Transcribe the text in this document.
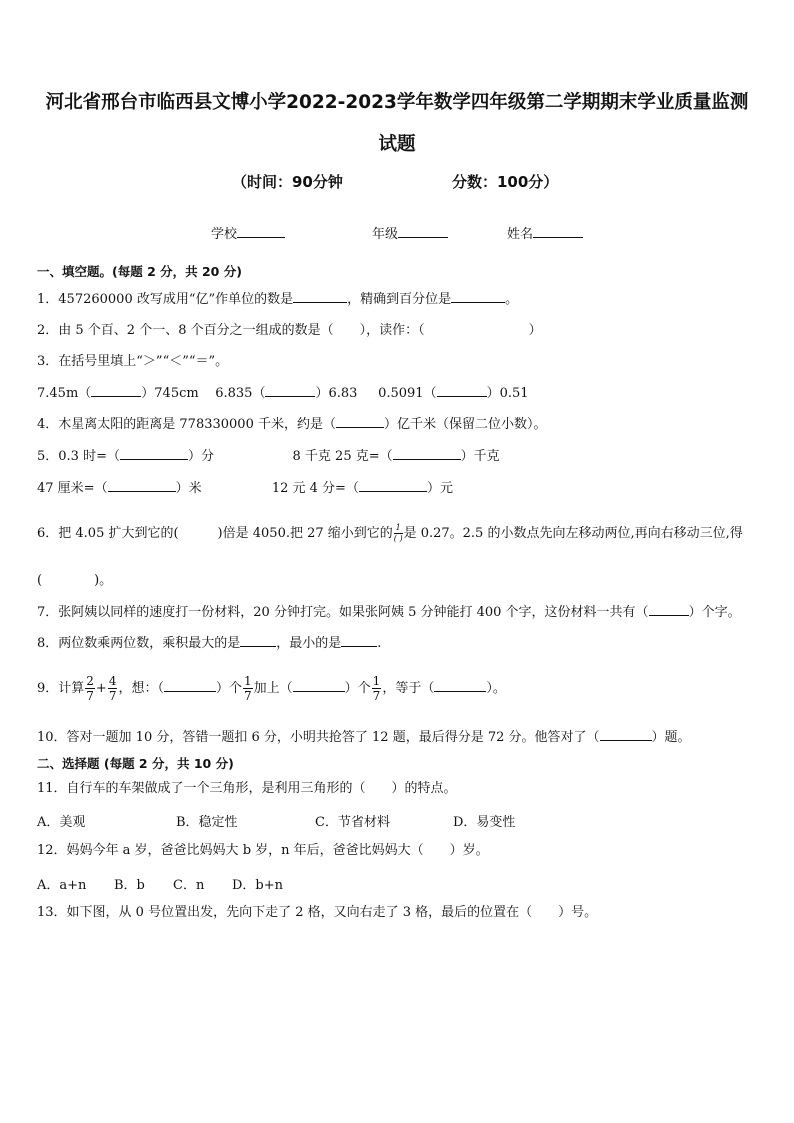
河北省邢台市临西县文博小学2022-2023学年数学四年级第二学期期末学业质量监测
试题
（时间：90分钟	分数：100分）
学校	年级	姓名
一、填空题。(每题 2 分，共 20 分)
1．457260000 改写成用“亿”作单位的数是	，精确到百分位是	。
2．由 5 个百、2 个一、8 个百分之一组成的数是（　　），读作：（　　　　　　　　）
3．在括号里填上“＞”“＜”“＝”。
7.45m（	）745cm 6.835（	）6.83 0.5091（	）0.51
4．木星离太阳的距离是 778330000 千米，约是（	）亿千米（保留二位小数）。
5．0.3 时=（	）分	8 千克 25 克=（	）千克
47 厘米=（	）米	12 元 4 分=（	）元
6．把 4.05 扩大到它的(　　　)倍是 4050.把 27 缩小到它的 $\frac{1}{( )}$ 是 0.27。2.5 的小数点先向左移动两位,再向右移动三位,得
(　　　　)。
7．张阿姨以同样的速度打一份材料，20 分钟打完。如果张阿姨 5 分钟能打 400 个字，这份材料一共有（	）个字。
8．两位数乘两位数，乘积最大的是	，最小的是	.
9．计算 $\frac{2}{7} + \frac{4}{7}$ ，想：（	）个 $\frac{1}{7}$ 加上（	）个 $\frac{1}{7}$ ，等于（	）。
10．答对一题加 10 分，答错一题扣 6 分，小明共抢答了 12 题，最后得分是 72 分。他答对了（	）题。
二、选择题 (每题 2 分，共 10 分)
11．自行车的车架做成了一个三角形，是利用三角形的（　　）的特点。
A．美观	B．稳定性	C．节省材料	D．易变性
12．妈妈今年 a 岁，爸爸比妈妈大 b 岁，n 年后，爸爸比妈妈大（　　）岁。
A．a+n B．b C．n D．b+n
13．如下图，从 0 号位置出发，先向下走了 2 格，又向右走了 3 格，最后的位置在（　　）号。
